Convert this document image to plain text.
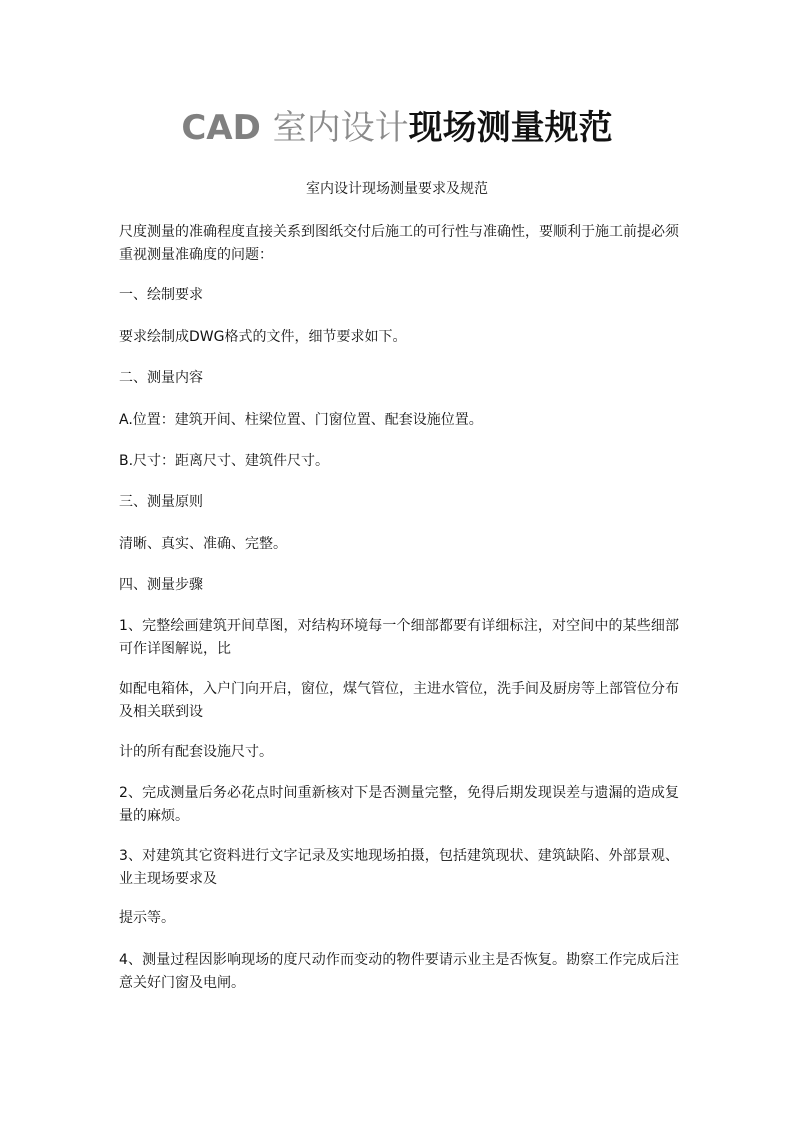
CAD 室内设计现场测量规范
室内设计现场测量要求及规范

尺度测量的准确程度直接关系到图纸交付后施工的可行性与准确性，要顺利于施工前提必须重视测量准确度的问题：

一、绘制要求

要求绘制成DWG格式的文件，细节要求如下。

二、测量内容

A.位置：建筑开间、柱梁位置、门窗位置、配套设施位置。

B.尺寸：距离尺寸、建筑件尺寸。

三、测量原则

清晰、真实、准确、完整。

四、测量步骤

1、完整绘画建筑开间草图，对结构环境每一个细部都要有详细标注，对空间中的某些细部可作详图解说，比

如配电箱体，入户门向开启，窗位，煤气管位，主进水管位，洗手间及厨房等上部管位分布及相关联到设

计的所有配套设施尺寸。

2、完成测量后务必花点时间重新核对下是否测量完整，免得后期发现误差与遗漏的造成复量的麻烦。

3、对建筑其它资料进行文字记录及实地现场拍摄，包括建筑现状、建筑缺陷、外部景观、业主现场要求及

提示等。

4、测量过程因影响现场的度尺动作而变动的物件要请示业主是否恢复。勘察工作完成后注意关好门窗及电闸。
